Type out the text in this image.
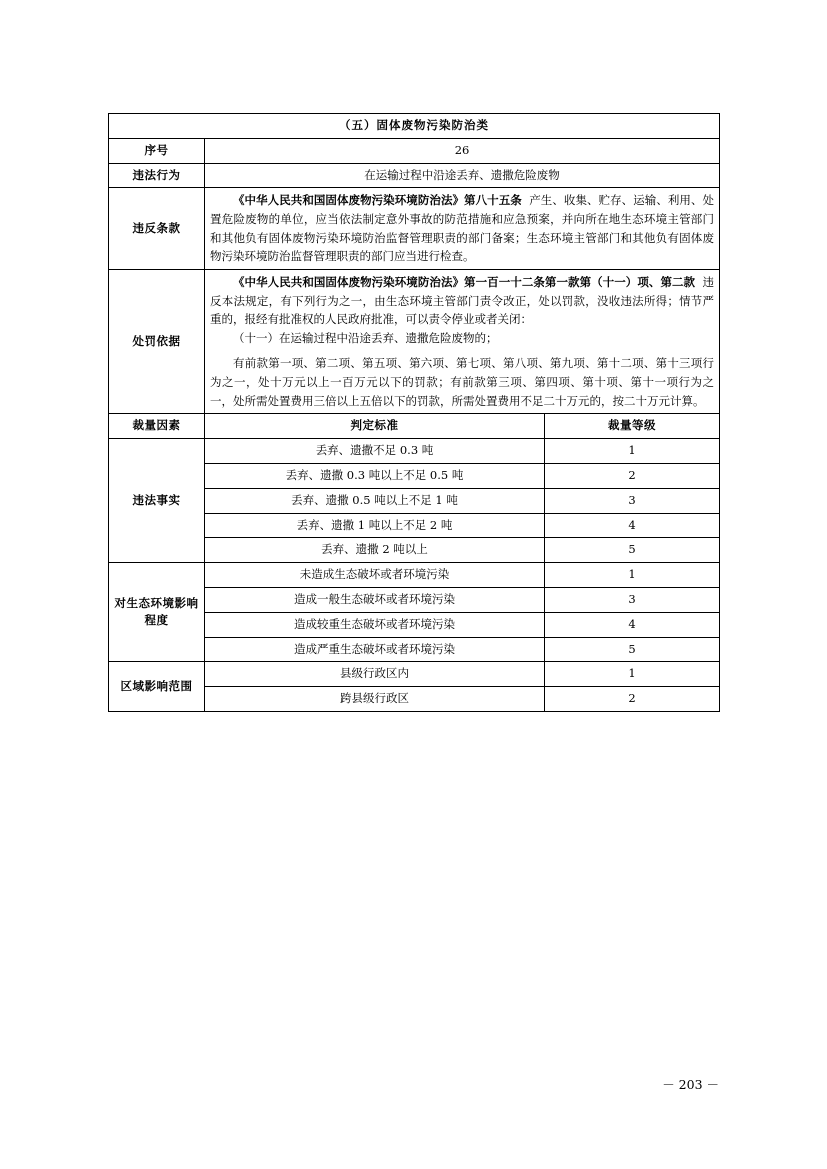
（五）固体废物污染防治类		
序号	26	
违法行为	在运输过程中沿途丢弃、遗撒危险废物	
违反条款	《中华人民共和国固体废物污染环境防治法》第八十五条 产生、收集、贮存、运输、利用、处置危险废物的单位，应当依法制定意外事故的防范措施和应急预案，并向所在地生态环境主管部门和其他负有固体废物污染环境防治监督管理职责的部门备案；生态环境主管部门和其他负有固体废物污染环境防治监督管理职责的部门应当进行检查。	

处罚依据	《中华人民共和国固体废物污染环境防治法》第一百一十二条第一款第（十一）项、第二款 违反本法规定，有下列行为之一，由生态环境主管部门责令改正，处以罚款，没收违法所得；情节严重的，报经有批准权的人民政府批准，可以责令停业或者关闭：

（十一）在运输过程中沿途丢弃、遗撒危险废物的；

有前款第一项、第二项、第五项、第六项、第七项、第八项、第九项、第十二项、第十三项行为之一，处十万元以上一百万元以下的罚款；有前款第三项、第四项、第十项、第十一项行为之一，处所需处置费用三倍以上五倍以下的罚款，所需处置费用不足二十万元的，按二十万元计算。	

裁量因素	判定标准	裁量等级
违法事实	丢弃、遗撒不足 0.3 吨	1
	丢弃、遗撒 0.3 吨以上不足 0.5 吨	2
	丢弃、遗撒 0.5 吨以上不足 1 吨	3
	丢弃、遗撒 1 吨以上不足 2 吨	4
	丢弃、遗撒 2 吨以上	5
对生态环境影响程度	未造成生态破坏或者环境污染	1
	造成一般生态破坏或者环境污染	3
	造成较重生态破坏或者环境污染	4
	造成严重生态破坏或者环境污染	5
区域影响范围	县级行政区内	1
	跨县级行政区	2
－ 203 －
